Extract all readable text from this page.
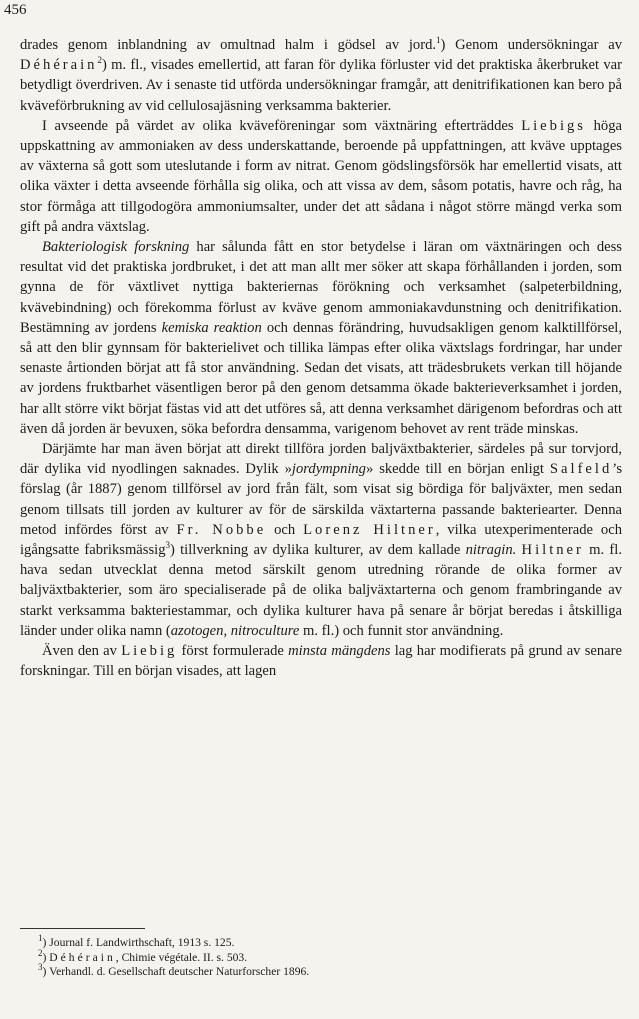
456

drades genom inblandning av omultnad halm i gödsel av jord.$^1$) Genom undersökningar av Déhérain$^2$) m. fl., visades emellertid, att faran för dylika förluster vid det praktiska åkerbruket var betydligt överdriven. Av i senaste tid utförda undersökningar framgår, att denitrifikationen kan bero på kväveförbrukning av vid cellulosajäsning verksamma bakterier.

I avseende på värdet av olika kväveföreningar som växtnäring efterträddes Liebigs höga uppskattning av ammoniaken av dess underskattande, beroende på uppfattningen, att kväve upptages av växterna så gott som uteslutande i form av nitrat. Genom gödslingsförsök har emellertid visats, att olika växter i detta avseende förhålla sig olika, och att vissa av dem, såsom potatis, havre och råg, ha stor förmåga att tillgodogöra ammoniumsalter, under det att sådana i något större mängd verka som gift på andra växtslag.

Bakteriologisk forskning har sålunda fått en stor betydelse i läran om växtnäringen och dess resultat vid det praktiska jordbruket, i det att man allt mer söker att skapa förhållanden i jorden, som gynna de för växtlivet nyttiga bakteriernas förökning och verksamhet (salpeterbildning, kvävebindning) och förekomma förlust av kväve genom ammoniakavdunstning och denitrifikation. Bestämning av jordens kemiska reaktion och dennas förändring, huvudsakligen genom kalktillförsel, så att den blir gynnsam för bakterielivet och tillika lämpas efter olika växtslags fordringar, har under senaste årtionden börjat att få stor användning. Sedan det visats, att trädesbrukets verkan till höjande av jordens fruktbarhet väsentligen beror på den genom detsamma ökade bakterieverksamhet i jorden, har allt större vikt börjat fästas vid att det utföres så, att denna verksamhet därigenom befordras och att även då jorden är bevuxen, söka befordra densamma, varigenom behovet av rent träde minskas.

Därjämte har man även börjat att direkt tillföra jorden baljväxtbakterier, särdeles på sur torvjord, där dylika vid nyodlingen saknades. Dylik »jordympning» skedde till en början enligt Salfeld’s förslag (år 1887) genom tillförsel av jord från fält, som visat sig bördiga för baljväxter, men sedan genom tillsats till jorden av kulturer av för de särskilda växtarterna passande bakteriearter. Denna metod infördes först av Fr. Nobbe och Lorenz Hiltner, vilka utexperimenterade och igångsatte fabriksmässig$^3$) tillverkning av dylika kulturer, av dem kallade nitragin. Hiltner m. fl. hava sedan utvecklat denna metod särskilt genom utredning rörande de olika former av baljväxtbakterier, som äro specialiserade på de olika baljväxtarterna och genom frambringande av starkt verksamma bakteriestammar, och dylika kulturer hava på senare år börjat beredas i åtskilliga länder under olika namn (azotogen, nitroculture m. fl.) och funnit stor användning.

Även den av Liebig först formulerade minsta mängdens lag har modifierats på grund av senare forskningar. Till en början visades, att lagen

$^1$) Journal f. Landwirthschaft, 1913 s. 125.
$^2$) Déhérain, Chimie végétale. II. s. 503.
$^3$) Verhandl. d. Gesellschaft deutscher Naturforscher 1896.
